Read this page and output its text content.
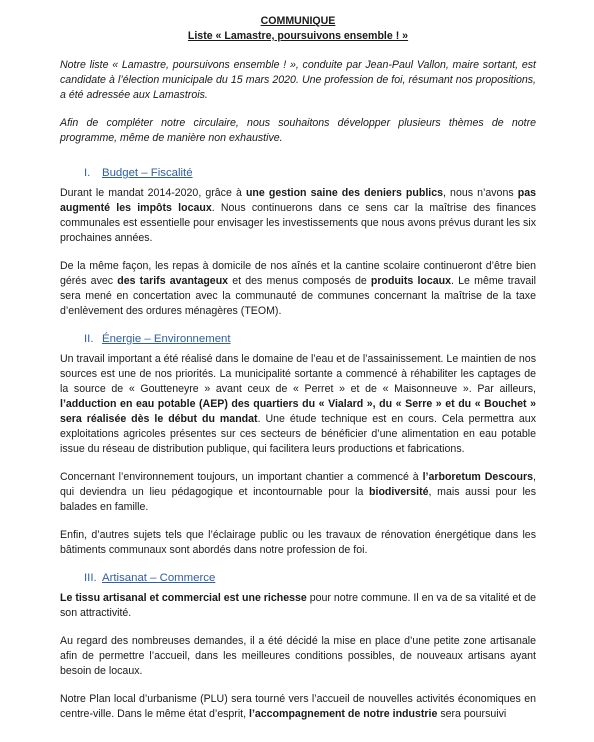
COMMUNIQUE
Liste « Lamastre, poursuivons ensemble ! »

Notre liste « Lamastre, poursuivons ensemble ! », conduite par Jean-Paul Vallon, maire sortant, est candidate à l’élection municipale du 15 mars 2020. Une profession de foi, résumant nos propositions, a été adressée aux Lamastrois.

Afin de compléter notre circulaire, nous souhaitons développer plusieurs thèmes de notre programme, même de manière non exhaustive.

I. Budget – Fiscalité

Durant le mandat 2014-2020, grâce à une gestion saine des deniers publics, nous n’avons pas augmenté les impôts locaux. Nous continuerons dans ce sens car la maîtrise des finances communales est essentielle pour envisager les investissements que nous avons prévus durant les six prochaines années.

De la même façon, les repas à domicile de nos aînés et la cantine scolaire continueront d’être bien gérés avec des tarifs avantageux et des menus composés de produits locaux. Le même travail sera mené en concertation avec la communauté de communes concernant la maîtrise de la taxe d’enlèvement des ordures ménagères (TEOM).

II. Énergie – Environnement

Un travail important a été réalisé dans le domaine de l’eau et de l’assainissement. Le maintien de nos sources est une de nos priorités. La municipalité sortante a commencé à réhabiliter les captages de la source de « Goutteneyre » avant ceux de « Perret » et de « Maisonneuve ». Par ailleurs, l’adduction en eau potable (AEP) des quartiers du « Vialard », du « Serre » et du « Bouchet » sera réalisée dès le début du mandat. Une étude technique est en cours. Cela permettra aux exploitations agricoles présentes sur ces secteurs de bénéficier d’une alimentation en eau potable issue du réseau de distribution publique, qui facilitera leurs productions et fabrications.

Concernant l’environnement toujours, un important chantier a commencé à l’arboretum Descours, qui deviendra un lieu pédagogique et incontournable pour la biodiversité, mais aussi pour les balades en famille.

Enfin, d’autres sujets tels que l’éclairage public ou les travaux de rénovation énergétique dans les bâtiments communaux sont abordés dans notre profession de foi.

III. Artisanat – Commerce

Le tissu artisanal et commercial est une richesse pour notre commune. Il en va de sa vitalité et de son attractivité.

Au regard des nombreuses demandes, il a été décidé la mise en place d’une petite zone artisanale afin de permettre l’accueil, dans les meilleures conditions possibles, de nouveaux artisans ayant besoin de locaux.

Notre Plan local d’urbanisme (PLU) sera tourné vers l’accueil de nouvelles activités économiques en centre-ville. Dans le même état d’esprit, l’accompagnement de notre industrie sera poursuivi
